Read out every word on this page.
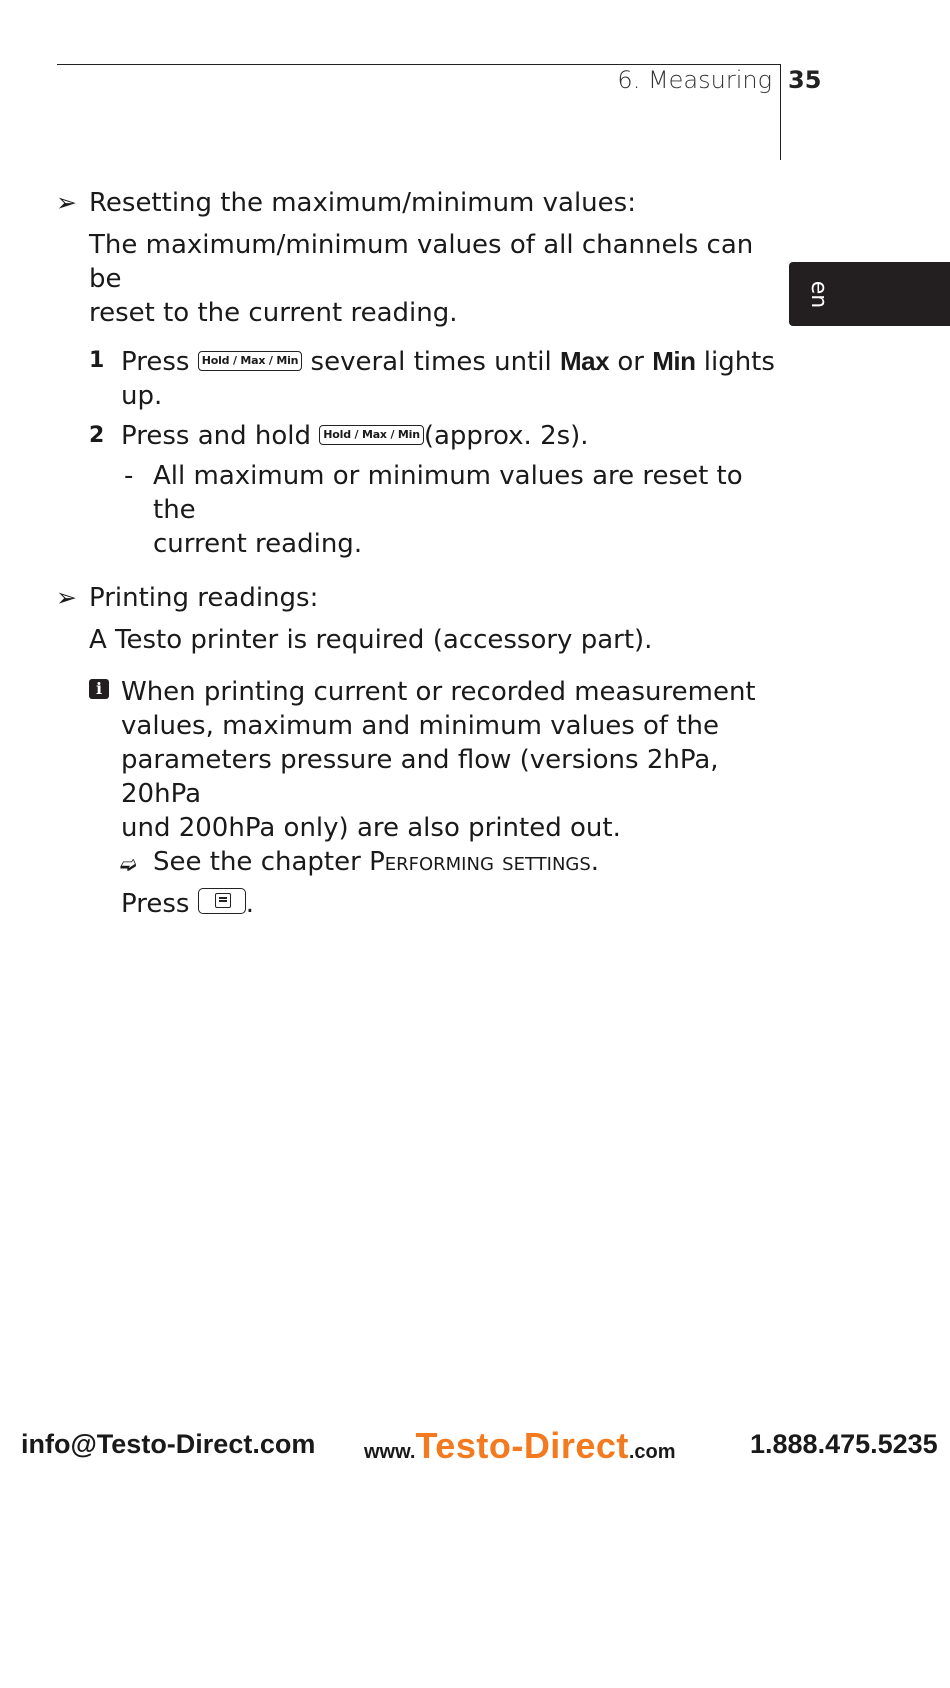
6. Measuring 35
en
➢ Resetting the maximum/minimum values:
The maximum/minimum values of all channels can be
reset to the current reading.
1 Press Hold / Max / Min several times until Max or Min lights up.
2 Press and hold Hold / Max / Min (approx. 2s).
- All maximum or minimum values are reset to the
current reading.
➢ Printing readings:
A Testo printer is required (accessory part).
i When printing current or recorded measurement
values, maximum and minimum values of the
parameters pressure and flow (versions 2hPa, 20hPa
und 200hPa only) are also printed out.
➫ See the chapter Performing settings.
Press .
info@Testo-Direct.com www.Testo-Direct.com	1.888.475.5235
